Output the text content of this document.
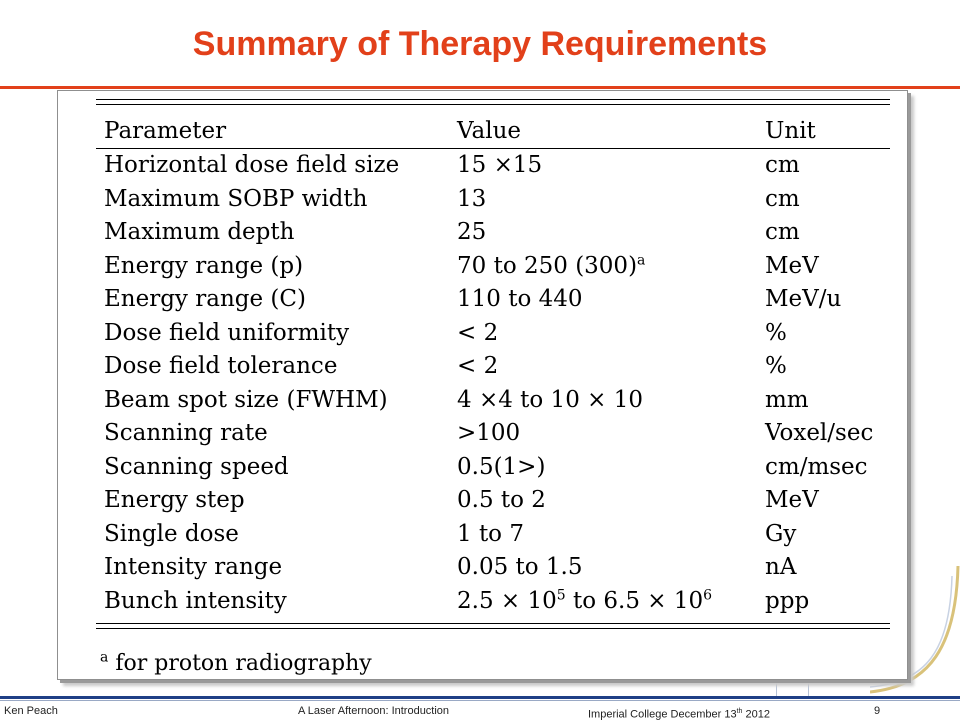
Summary of Therapy Requirements
Parameter	Value	Unit
Horizontal dose field size	15 ×15	cm
Maximum SOBP width	13	cm
Maximum depth	25	cm
Energy range (p)	70 to 250 $(300)^a$	MeV
Energy range (C)	110 to 440	MeV/u
Dose field uniformity	< 2	%
Dose field tolerance	< 2	%
Beam spot size (FWHM)	4 ×4 to 10 × 10	mm
Scanning rate	>100	Voxel/sec
Scanning speed	0.5(1>)	cm/msec
Energy step	0.5 to 2	MeV
Single dose	1 to 7	Gy
Intensity range	0.05 to 1.5	nA
Bunch intensity	$2.5 \times 10^5$ to $6.5 \times 10^6$	ppp
$^a$ for proton radiography
Ken Peach	A Laser Afternoon: Introduction	Imperial College December 13th 2012	9
